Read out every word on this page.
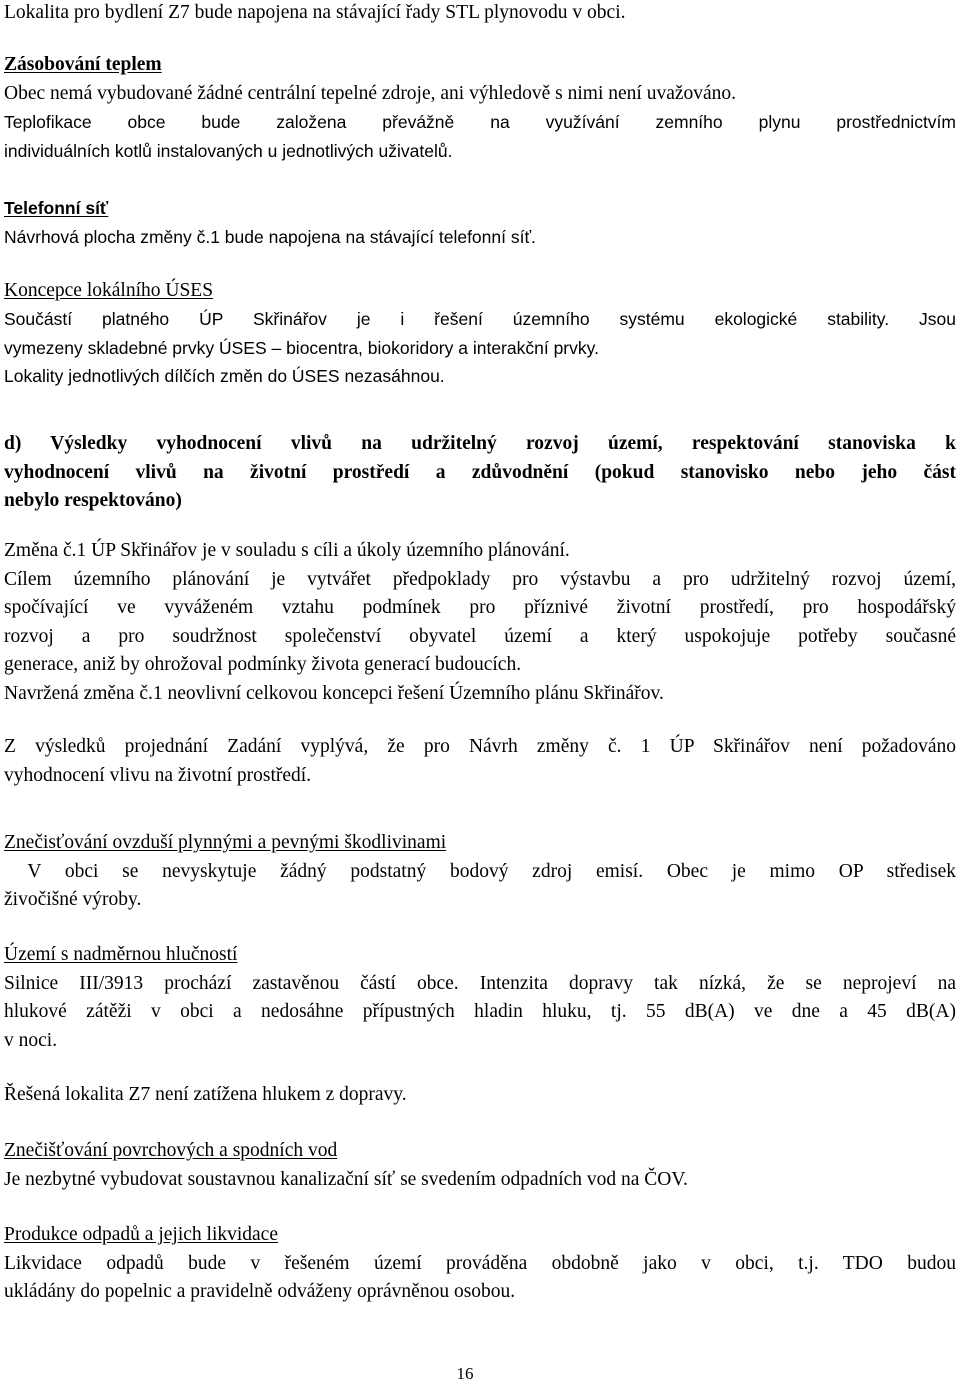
Lokalita pro bydlení Z7 bude napojena na stávající řady STL plynovodu v obci.
Zásobování teplem
Obec nemá vybudované žádné centrální tepelné zdroje, ani výhledově s nimi není uvažováno.
Teplofikace obce bude založena převážně na využívání zemního plynu prostřednictvím
individuálních kotlů instalovaných u jednotlivých uživatelů.
Telefonní síť
Návrhová plocha změny č.1 bude napojena na stávající telefonní síť.
Koncepce lokálního ÚSES
Součástí platného ÚP Skřinářov je i řešení územního systému ekologické stability. Jsou
vymezeny skladebné prvky ÚSES – biocentra, biokoridory a interakční prvky.
Lokality jednotlivých dílčích změn do ÚSES nezasáhnou.
d) Výsledky vyhodnocení vlivů na udržitelný rozvoj území, respektování stanoviska k
vyhodnocení vlivů na životní prostředí a zdůvodnění (pokud stanovisko nebo jeho část
nebylo respektováno)
Změna č.1 ÚP Skřinářov je v souladu s cíli a úkoly územního plánování.
Cílem územního plánování je vytvářet předpoklady pro výstavbu a pro udržitelný rozvoj území,
spočívající ve vyváženém vztahu podmínek pro příznivé životní prostředí, pro hospodářský
rozvoj a pro soudržnost společenství obyvatel území a který uspokojuje potřeby současné
generace, aniž by ohrožoval podmínky života generací budoucích.
Navržená změna č.1 neovlivní celkovou koncepci řešení Územního plánu Skřinářov.
Z výsledků projednání Zadání vyplývá, že pro Návrh změny č. 1 ÚP Skřinářov není požadováno
vyhodnocení vlivu na životní prostředí.
Znečisťování ovzduší plynnými a pevnými škodlivinami
V obci se nevyskytuje žádný podstatný bodový zdroj emisí. Obec je mimo OP středisek
živočišné výroby.
Území s nadměrnou hlučností
Silnice III/3913 prochází zastavěnou částí obce. Intenzita dopravy tak nízká, že se neprojeví na
hlukové zátěži v obci a nedosáhne přípustných hladin hluku, tj. 55 dB(A) ve dne a 45 dB(A)
v noci.
Řešená lokalita Z7 není zatížena hlukem z dopravy.
Znečišťování povrchových a spodních vod
Je nezbytné vybudovat soustavnou kanalizační síť se svedením odpadních vod na ČOV.
Produkce odpadů a jejich likvidace
Likvidace odpadů bude v řešeném území prováděna obdobně jako v obci, t.j. TDO budou
ukládány do popelnic a pravidelně odváženy oprávněnou osobou.
16
